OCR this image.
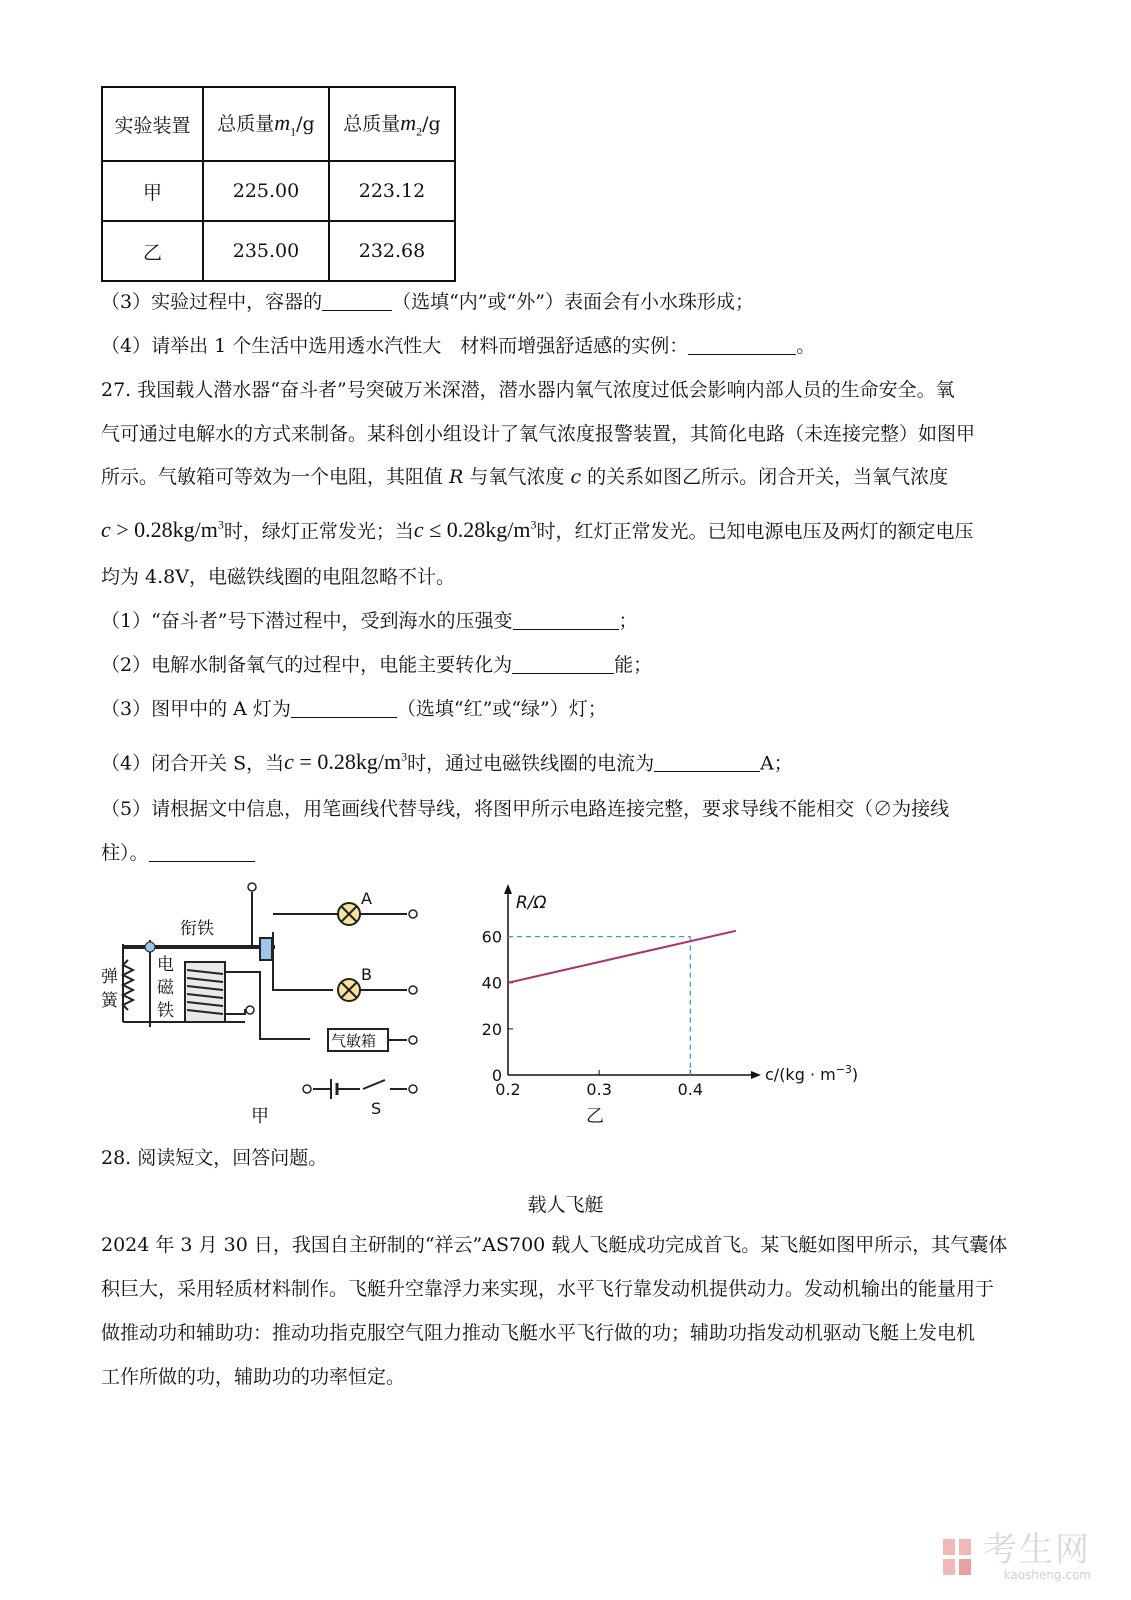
实验装置	总质量$m_1/g$	总质量$m_2/g$
甲	225.00	223.12
乙	235.00	232.68
（3）实验过程中，容器的	（选填“内”或“外”）表面会有小水珠形成；
（4）请举出 1 个生活中选用透水汽性大　材料而增强舒适感的实例：	。
27. 我国载人潜水器“奋斗者”号突破万米深潜，潜水器内氧气浓度过低会影响内部人员的生命安全。氧
气可通过电解水的方式来制备。某科创小组设计了氧气浓度报警装置，其简化电路（未连接完整）如图甲
所示。气敏箱可等效为一个电阻，其阻值 R 与氧气浓度 c 的关系如图乙所示。闭合开关，当氧气浓度
$c > 0.28kg/m^3$时，绿灯正常发光；当$c \le 0.28kg/m^3$时，红灯正常发光。已知电源电压及两灯的额定电压
均为 4.8V，电磁铁线圈的电阻忽略不计。
（1）“奋斗者”号下潜过程中，受到海水的压强变	；
（2）电解水制备氧气的过程中，电能主要转化为	能；
（3）图甲中的 A 灯为	（选填“红”或“绿”）灯；
（4）闭合开关 S，当$c = 0.28kg/m^3$时，通过电磁铁线圈的电流为	A；
（5）请根据文中信息，用笔画线代替导线，将图甲所示电路连接完整，要求导线不能相交（∅为接线
柱）。
衔铁
弹
簧
电
磁
铁
A
B
气敏箱
S
甲
0
20
40
60
0.2	0.3	0.4
R/Ω
$c/(kg \cdot m^{-3})$
乙
28. 阅读短文，回答问题。
载人飞艇
2024 年 3 月 30 日，我国自主研制的“祥云”AS700 载人飞艇成功完成首飞。某飞艇如图甲所示，其气囊体
积巨大，采用轻质材料制作。飞艇升空靠浮力来实现，水平飞行靠发动机提供动力。发动机输出的能量用于
做推动功和辅助功：推动功指克服空气阻力推动飞艇水平飞行做的功；辅助功指发动机驱动飞艇上发电机
工作所做的功，辅助功的功率恒定。
考生网
kaosheng.com
